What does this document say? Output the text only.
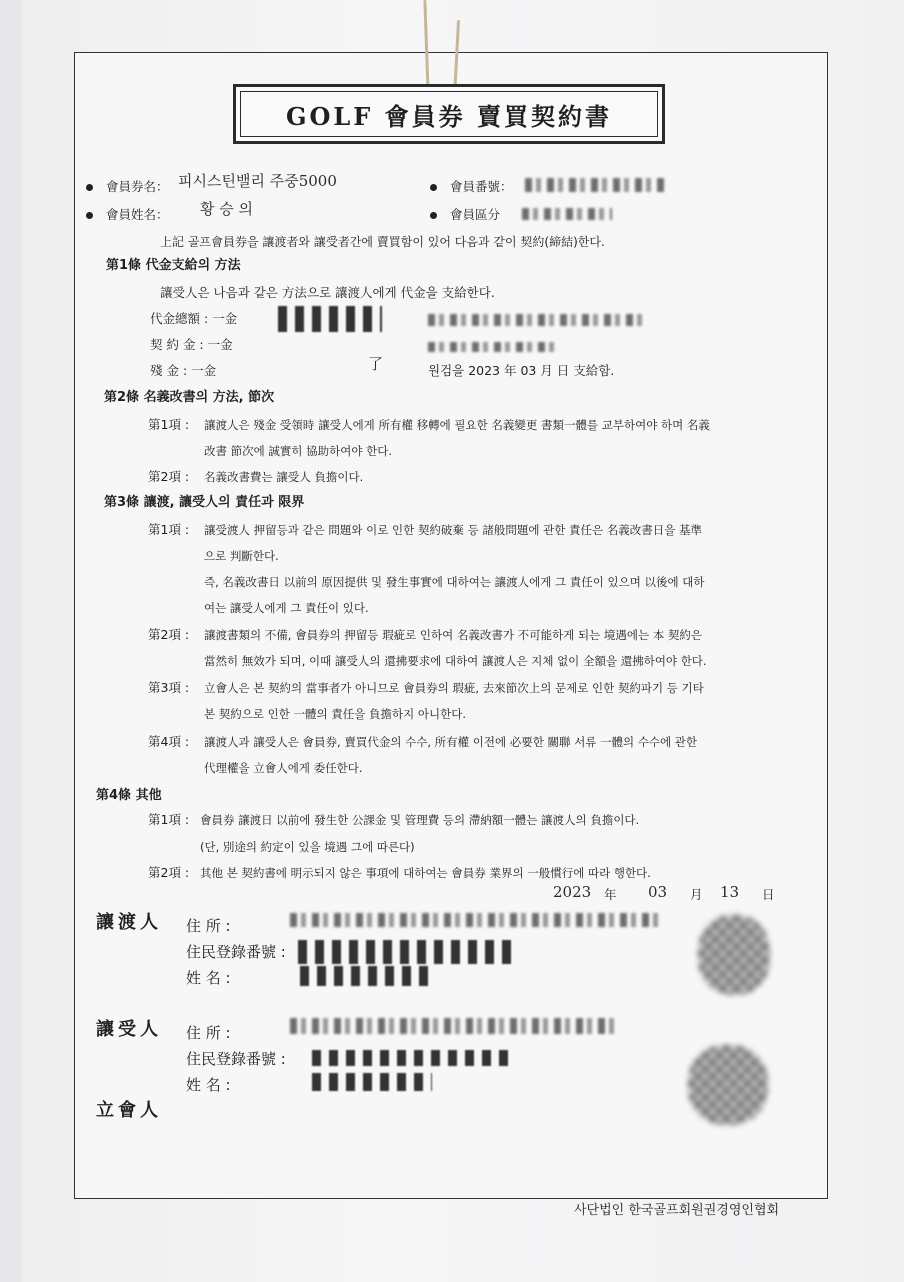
GOLF 會員券 賣買契約書
會員券名： 피시스틴밸리 주중5000	會員番號：
會員姓名： 황 승 의	會員區分
上記 골프會員券을 讓渡者와 讓受者간에 賣買함이 있어 다음과 같이 契約(締結)한다.
第1條 代金支給의 方法
讓受人은 나음과 같은 方法으로 讓渡人에게 代金을 支給한다.
代金總額 : 一金
契 約 金 : 一金
殘 金 : 一金	了	원검을 2023 年 03 月 日 支給함.
第2條 名義改書의 方法, 節次
第1項 : 讓渡人은 殘金 受領時 讓受人에게 所有權 移轉에 필요한 名義變更 書類一體를 교부하여야 하며 名義
改書 節次에 誠實히 協助하여야 한다.
第2項 : 名義改書費는 讓受人 負擔이다.
第3條 讓渡, 讓受人의 責任과 限界
第1項 : 讓受渡人 押留등과 같은 問題와 이로 인한 契約破棄 등 諸般問題에 관한 責任은 名義改書日을 基準
으로 判斷한다.
즉, 名義改書日 以前의 原因提供 및 發生事實에 대하여는 讓渡人에게 그 責任이 있으며 以後에 대하
여는 讓受人에게 그 責任이 있다.
第2項 : 讓渡書類의 不備, 會員券의 押留등 瑕疵로 인하여 名義改書가 不可能하게 되는 境遇에는 本 契約은
當然히 無效가 되며, 이때 讓受人의 還拂要求에 대하여 讓渡人은 지체 없이 全額을 還拂하여야 한다.
第3項 : 立會人은 본 契約의 當事者가 아니므로 會員券의 瑕疵, 去來節次上의 문제로 인한 契約파기 등 기타
본 契約으로 인한 一體의 責任을 負擔하지 아니한다.
第4項 : 讓渡人과 讓受人은 會員券, 賣買代金의 수수, 所有權 이전에 必要한 關聯 서류 一體의 수수에 관한
代理權을 立會人에게 委任한다.
第4條 其他
第1項 : 會員券 讓渡日 以前에 發生한 公課金 및 管理費 등의 滯納額一體는 讓渡人의 負擔이다.
(단, 別途의 約定이 있을 境遇 그에 따른다)
第2項 : 其他 본 契約書에 明示되지 않은 事項에 대하여는 會員券 業界의 一般慣行에 따라 행한다.
2023 年 03 月 13 日
讓渡人 住 所 :
住民登錄番號 :
姓 名 :
讓受人 住 所 :
住民登錄番號 :
姓 名 :
立會人
사단법인 한국골프회원권경영인협회
